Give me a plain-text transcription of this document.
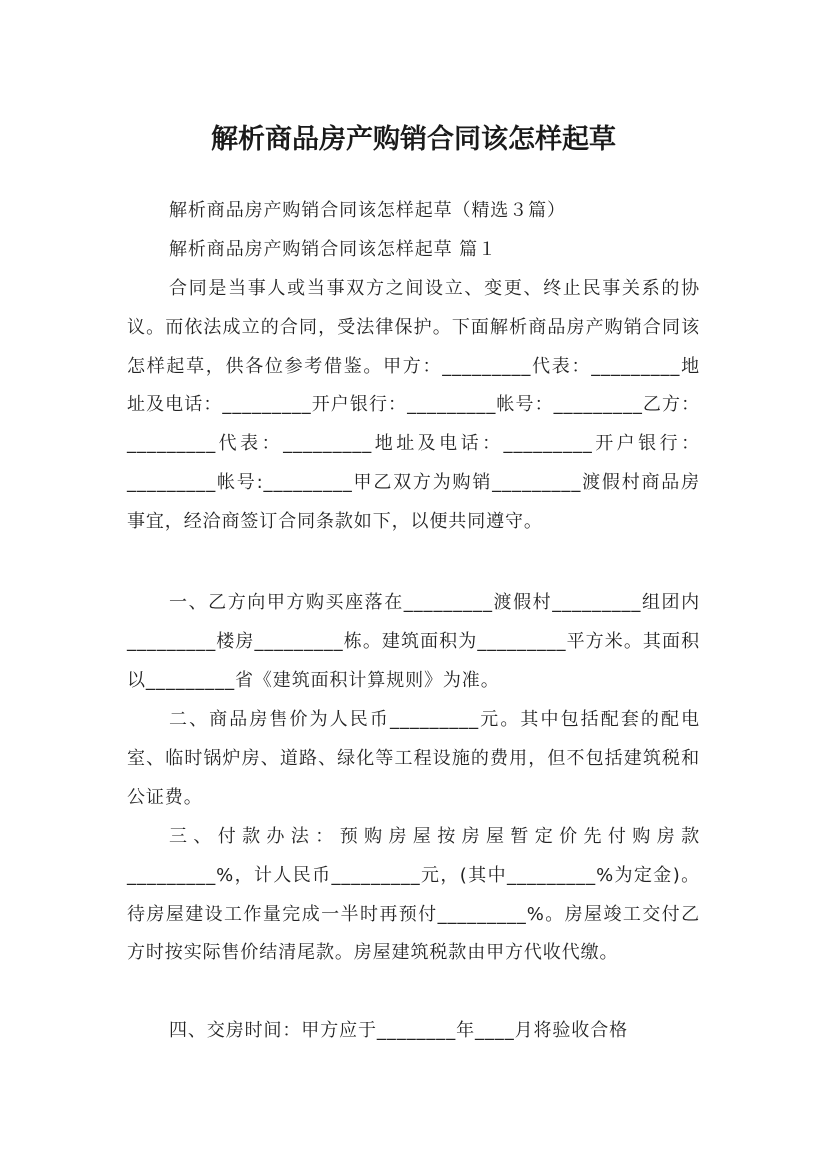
解析商品房产购销合同该怎样起草

解析商品房产购销合同该怎样起草（精选３篇）

解析商品房产购销合同该怎样起草 篇１

合同是当事人或当事双方之间设立、变更、终止民事关系的协议。而依法成立的合同，受法律保护。下面解析商品房产购销合同该怎样起草，供各位参考借鉴。甲方：_________代表：_________地址及电话：_________开户银行：_________帐号：_________乙方：_________代表：_________地址及电话：_________开户银行：_________帐号:_________甲乙双方为购销_________渡假村商品房事宜，经洽商签订合同条款如下，以便共同遵守。

一、乙方向甲方购买座落在_________渡假村_________组团内_________楼房_________栋。建筑面积为_________平方米。其面积以_________省《建筑面积计算规则》为准。

二、商品房售价为人民币_________元。其中包括配套的配电室、临时锅炉房、道路、绿化等工程设施的费用，但不包括建筑税和公证费。

三、付款办法：预购房屋按房屋暂定价先付购房款_________%，计人民币_________元，(其中_________%为定金)。待房屋建设工作量完成一半时再预付_________%。房屋竣工交付乙方时按实际售价结清尾款。房屋建筑税款由甲方代收代缴。

四、交房时间：甲方应于________年____月将验收合格
